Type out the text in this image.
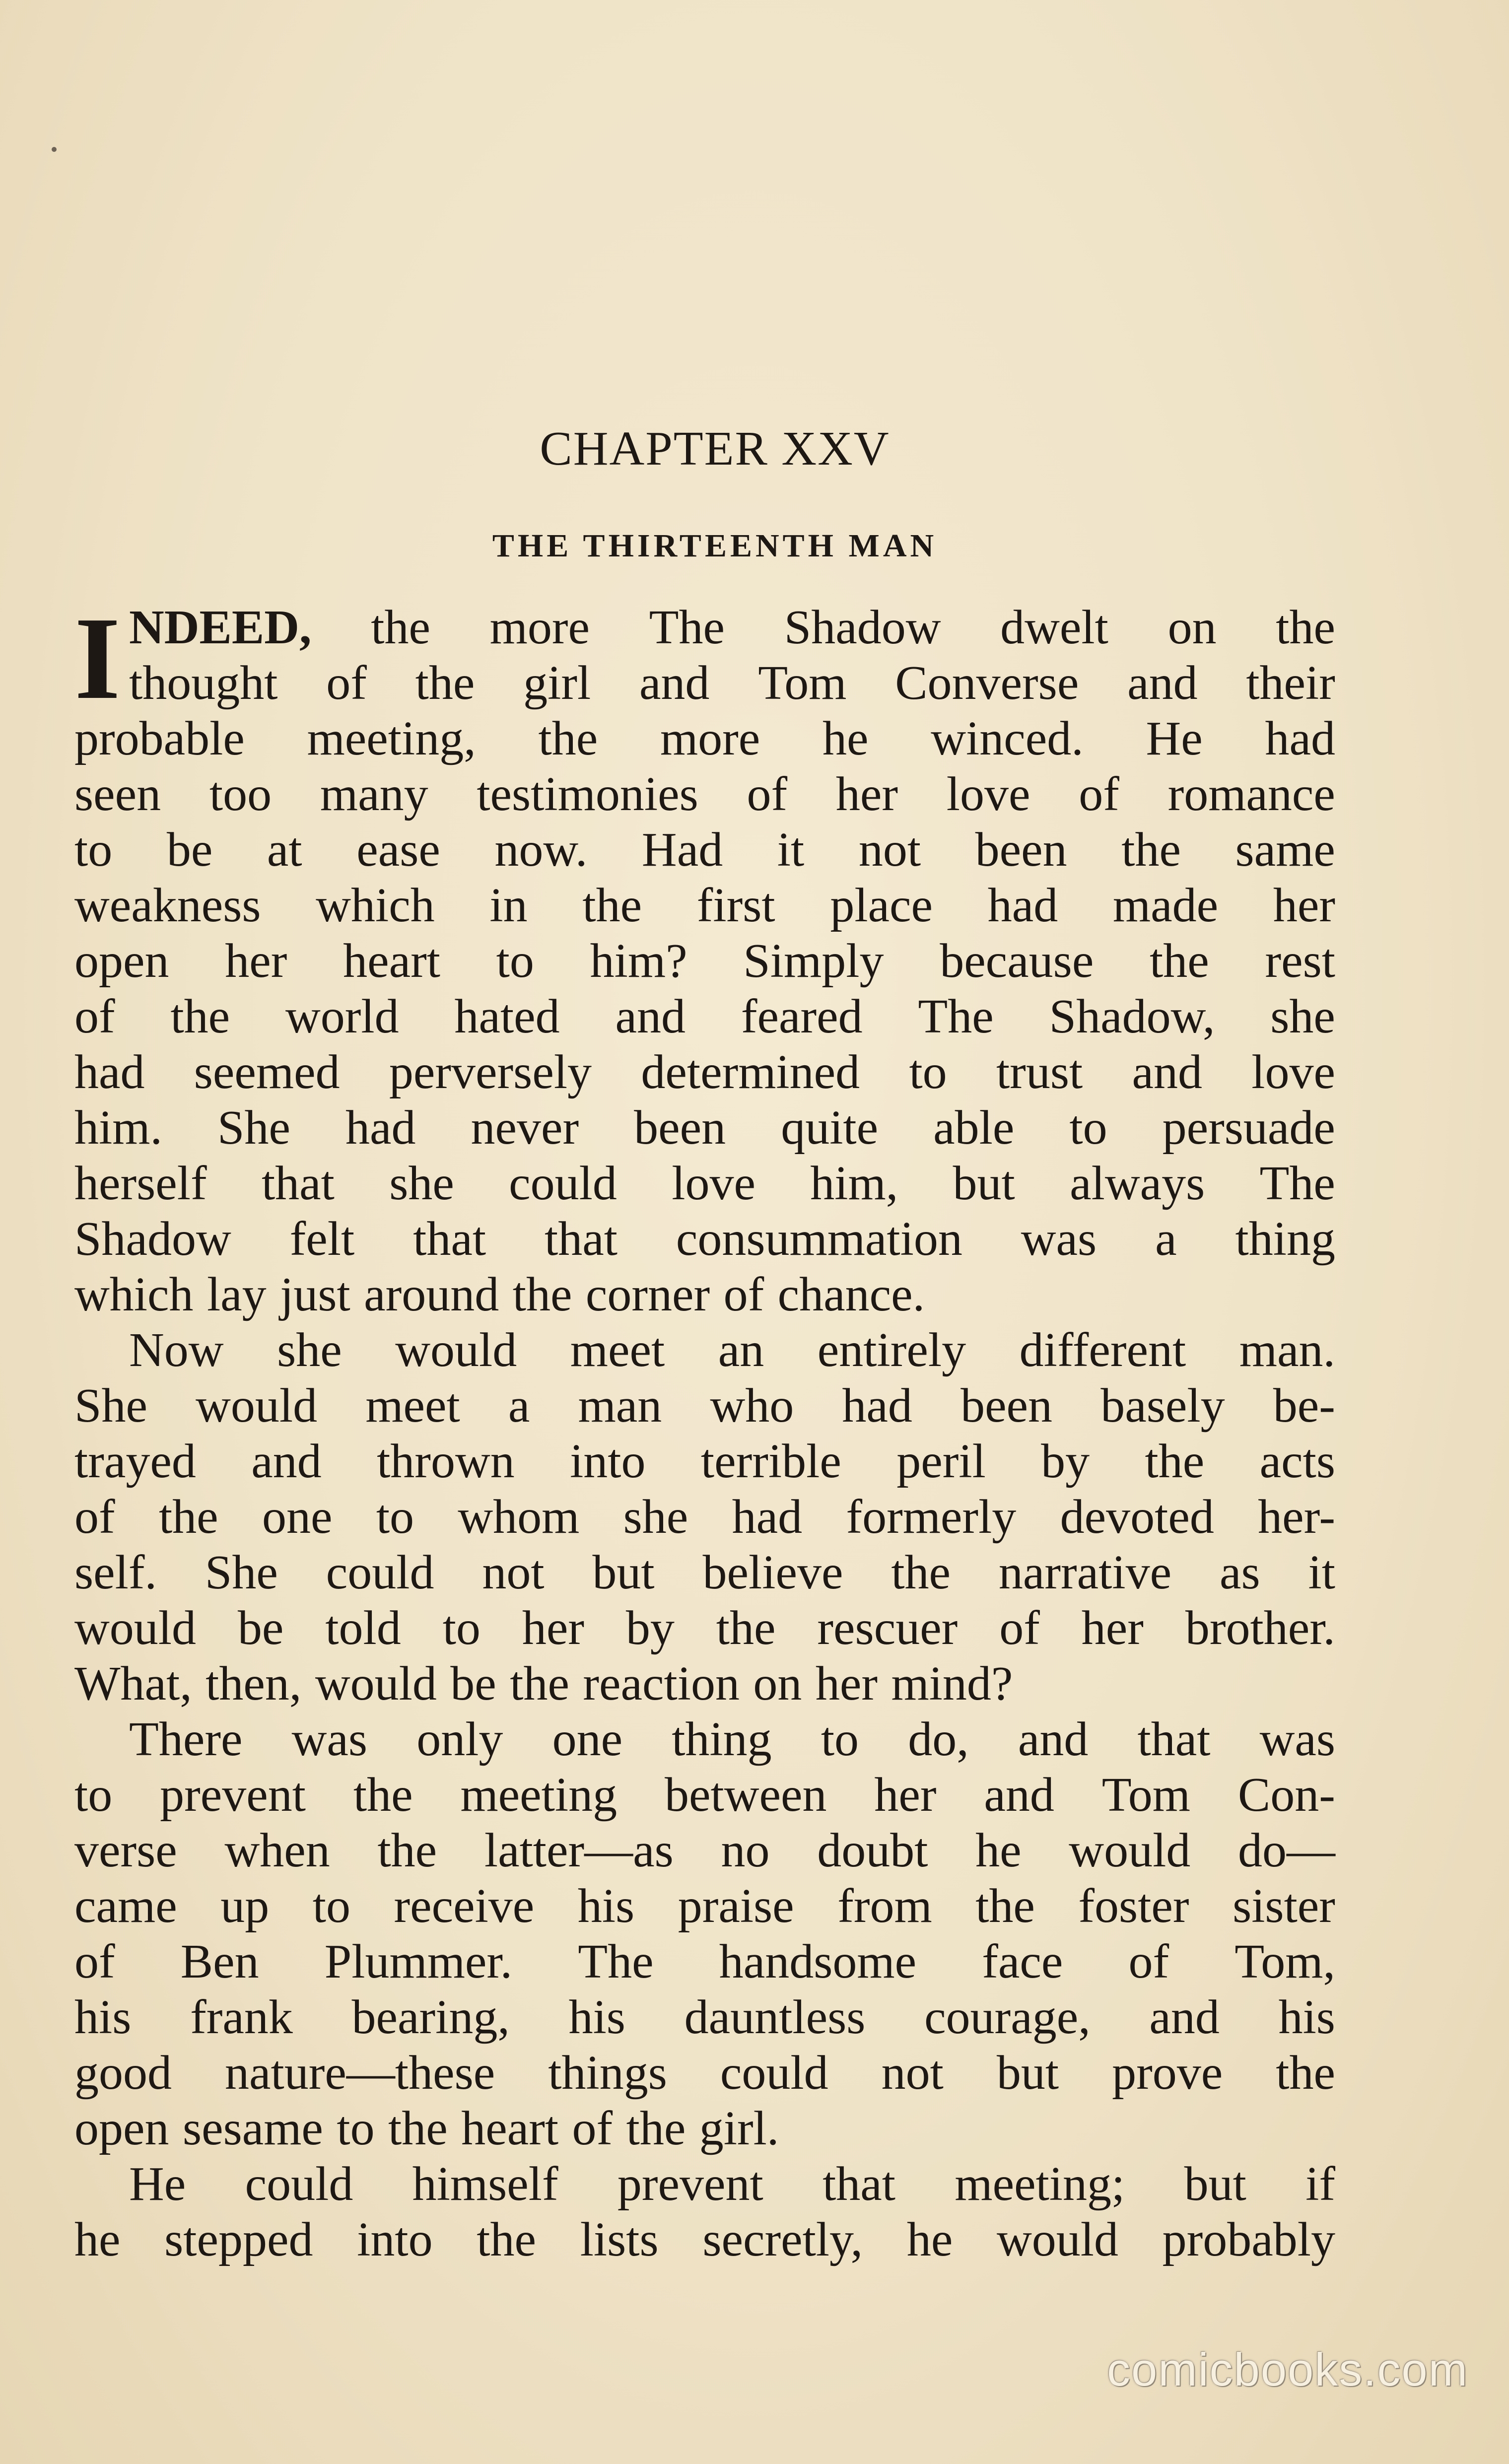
CHAPTER XXV
THE THIRTEENTH MAN
I NDEED, the more The Shadow dwelt on the
thought of the girl and Tom Converse and their
probable meeting, the more he winced. He had
seen too many testimonies of her love of romance
to be at ease now. Had it not been the same
weakness which in the first place had made her
open her heart to him? Simply because the rest
of the world hated and feared The Shadow, she
had seemed perversely determined to trust and love
him. She had never been quite able to persuade
herself that she could love him, but always The
Shadow felt that that consummation was a thing
which lay just around the corner of chance.
Now she would meet an entirely different man.
She would meet a man who had been basely be-
trayed and thrown into terrible peril by the acts
of the one to whom she had formerly devoted her-
self. She could not but believe the narrative as it
would be told to her by the rescuer of her brother.
What, then, would be the reaction on her mind?
There was only one thing to do, and that was
to prevent the meeting between her and Tom Con-
verse when the latter—as no doubt he would do—
came up to receive his praise from the foster sister
of Ben Plummer. The handsome face of Tom,
his frank bearing, his dauntless courage, and his
good nature—these things could not but prove the
open sesame to the heart of the girl.
He could himself prevent that meeting; but if
he stepped into the lists secretly, he would probably
comicbooks.com
